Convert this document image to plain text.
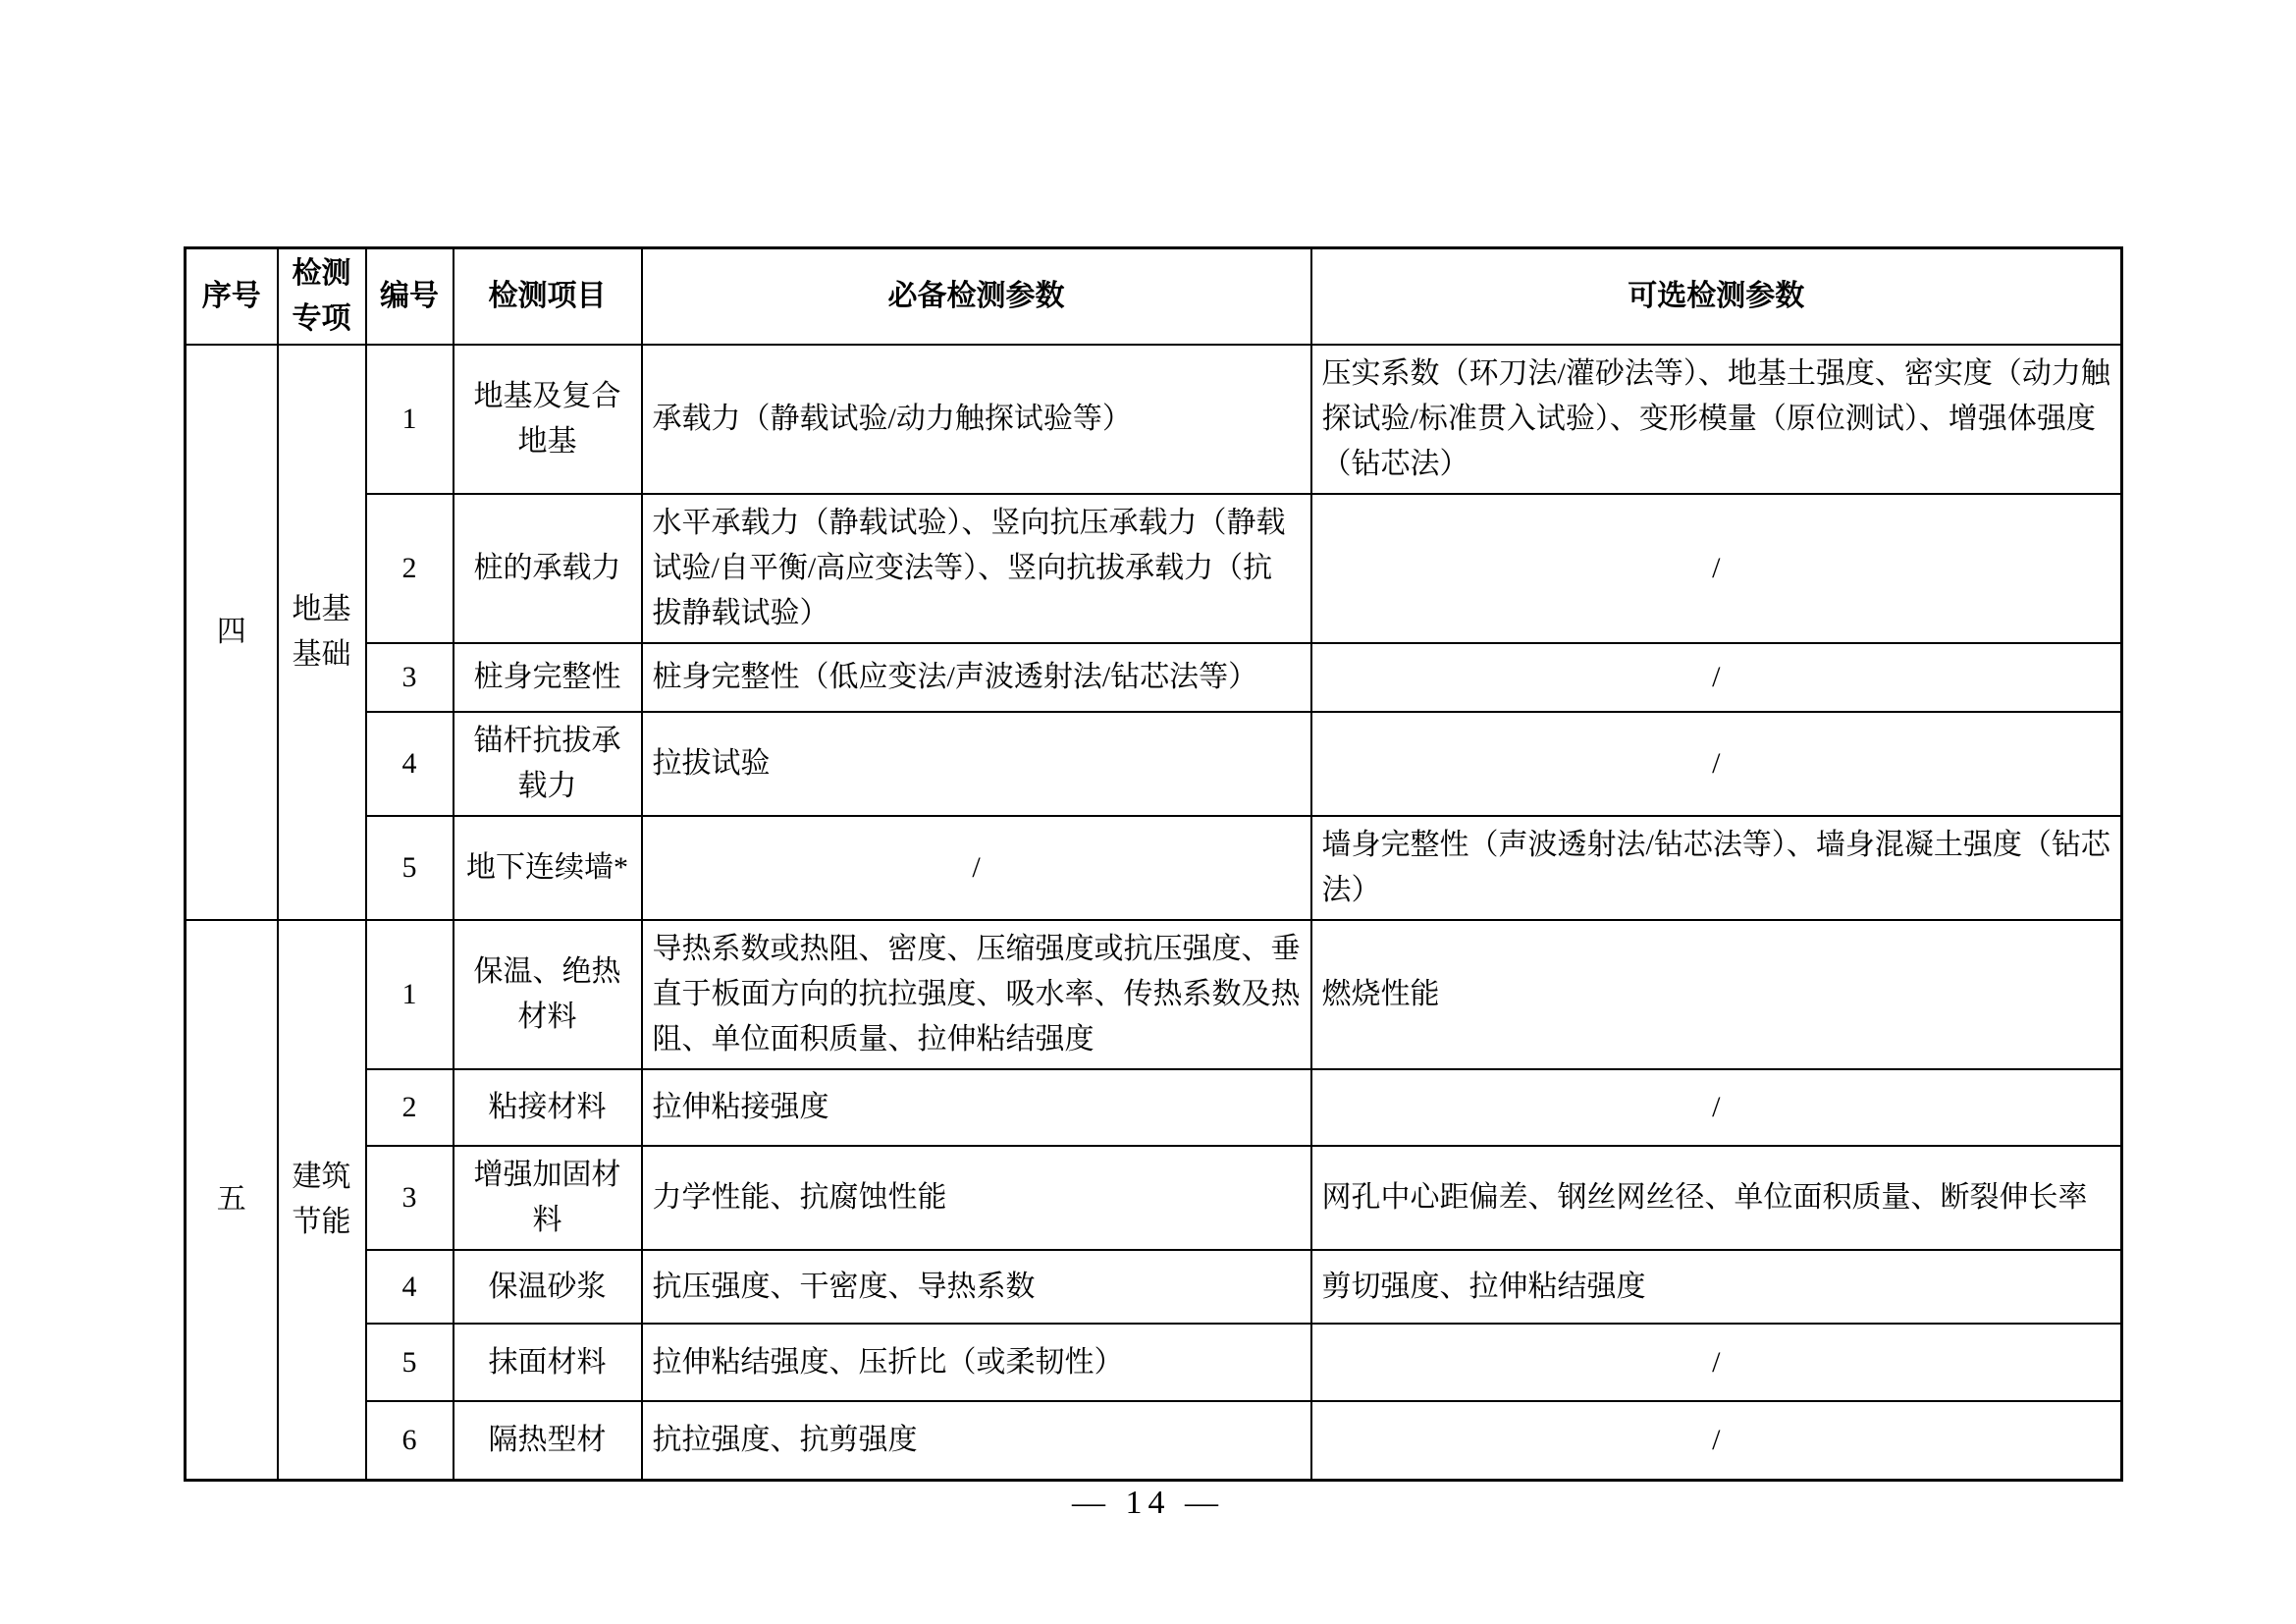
序号	检测专项	编号	检测项目	必备检测参数	可选检测参数
四	地基基础	1	地基及复合地基	承载力（静载试验/动力触探试验等）	压实系数（环刀法/灌砂法等）、地基土强度、密实度（动力触探试验/标准贯入试验）、变形模量（原位测试）、增强体强度（钻芯法）
		2	桩的承载力	水平承载力（静载试验）、竖向抗压承载力（静载试验/自平衡/高应变法等）、竖向抗拔承载力（抗拔静载试验）	/
		3	桩身完整性	桩身完整性（低应变法/声波透射法/钻芯法等）	/
		4	锚杆抗拔承载力	拉拔试验	/
		5	地下连续墙*	/	墙身完整性（声波透射法/钻芯法等）、墙身混凝土强度（钻芯法）
五	建筑节能	1	保温、绝热材料	导热系数或热阻、密度、压缩强度或抗压强度、垂直于板面方向的抗拉强度、吸水率、传热系数及热阻、单位面积质量、拉伸粘结强度	燃烧性能
		2	粘接材料	拉伸粘接强度	/
		3	增强加固材料	力学性能、抗腐蚀性能	网孔中心距偏差、钢丝网丝径、单位面积质量、断裂伸长率
		4	保温砂浆	抗压强度、干密度、导热系数	剪切强度、拉伸粘结强度
		5	抹面材料	拉伸粘结强度、压折比（或柔韧性）	/
		6	隔热型材	抗拉强度、抗剪强度	/
— 14 —
